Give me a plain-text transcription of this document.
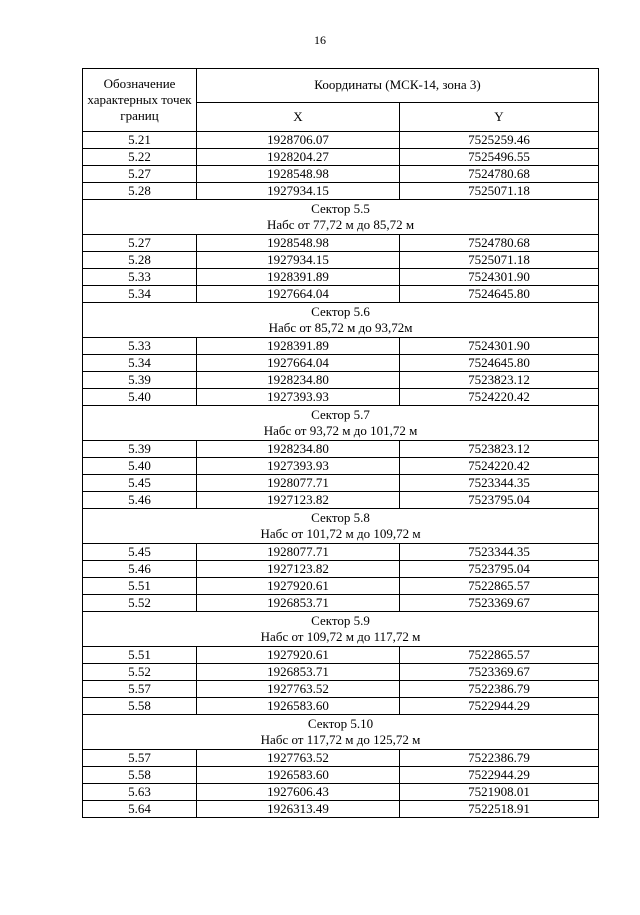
16
Обозначение характерных точек границ	Координаты (МСК-14, зона 3)	
	X	Y
5.21	1928706.07	7525259.46
5.22	1928204.27	7525496.55
5.27	1928548.98	7524780.68
5.28	1927934.15	7525071.18

Сектор 5.5
Набс от 77,72 м до 85,72 м		

5.27	1928548.98	7524780.68
5.28	1927934.15	7525071.18
5.33	1928391.89	7524301.90
5.34	1927664.04	7524645.80

Сектор 5.6
Набс от 85,72 м до 93,72м		

5.33	1928391.89	7524301.90
5.34	1927664.04	7524645.80
5.39	1928234.80	7523823.12
5.40	1927393.93	7524220.42

Сектор 5.7
Набс от 93,72 м до 101,72 м		

5.39	1928234.80	7523823.12
5.40	1927393.93	7524220.42
5.45	1928077.71	7523344.35
5.46	1927123.82	7523795.04

Сектор 5.8
Набс от 101,72 м до 109,72 м		

5.45	1928077.71	7523344.35
5.46	1927123.82	7523795.04
5.51	1927920.61	7522865.57
5.52	1926853.71	7523369.67

Сектор 5.9
Набс от 109,72 м до 117,72 м		

5.51	1927920.61	7522865.57
5.52	1926853.71	7523369.67
5.57	1927763.52	7522386.79
5.58	1926583.60	7522944.29

Сектор 5.10
Набс от 117,72 м до 125,72 м		

5.57	1927763.52	7522386.79
5.58	1926583.60	7522944.29
5.63	1927606.43	7521908.01
5.64	1926313.49	7522518.91
